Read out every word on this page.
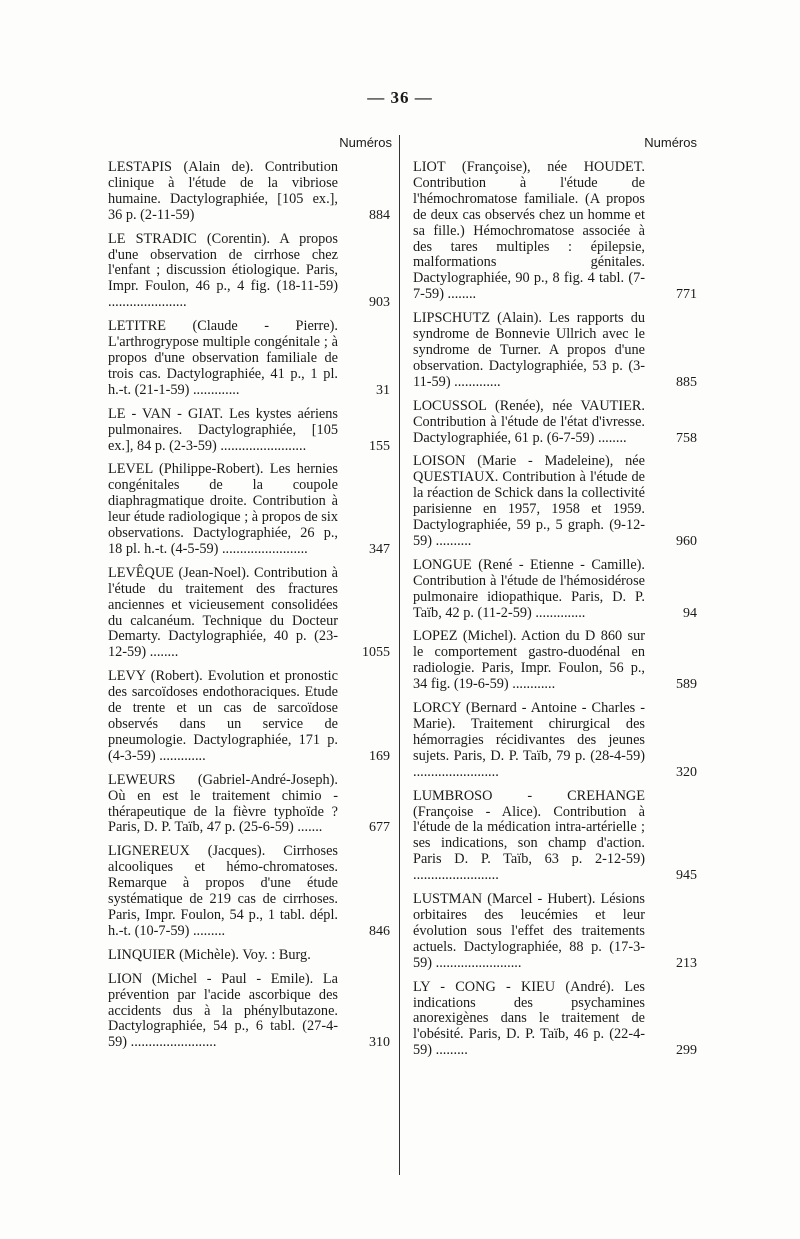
— 36 —
Numéros
LESTAPIS (Alain de). Contribution clinique à l'étude de la vibriose humaine. Dactylographiée, [105 ex.], 36 p. (2-11-59)	884
LE STRADIC (Corentin). A propos d'une observation de cirrhose chez l'enfant ; discussion étiologique. Paris, Impr. Foulon, 46 p., 4 fig. (18-11-59) ......................	903
LETITRE (Claude - Pierre). L'arthrogrypose multiple congénitale ; à propos d'une observation familiale de trois cas. Dactylographiée, 41 p., 1 pl. h.-t. (21-1-59) .............	31
LE - VAN - GIAT. Les kystes aériens pulmonaires. Dactylographiée, [105 ex.], 84 p. (2-3-59) ........................	155
LEVEL (Philippe-Robert). Les hernies congénitales de la coupole diaphragmatique droite. Contribution à leur étude radiologique ; à propos de six observations. Dactylographiée, 26 p., 18 pl. h.-t. (4-5-59) ........................	347
LEVÊQUE (Jean-Noel). Contribution à l'étude du traitement des fractures anciennes et vicieusement consolidées du calcanéum. Technique du Docteur Demarty. Dactylographiée, 40 p. (23-12-59) ........	1055
LEVY (Robert). Evolution et pronostic des sarcoïdoses endothoraciques. Etude de trente et un cas de sarcoïdose observés dans un service de pneumologie. Dactylographiée, 171 p. (4-3-59) .............	169
LEWEURS (Gabriel-André-Joseph). Où en est le traitement chimio - thérapeutique de la fièvre typhoïde ? Paris, D. P. Taïb, 47 p. (25-6-59) .......	677
LIGNEREUX (Jacques). Cirrhoses alcooliques et hémo-chromatoses. Remarque à propos d'une étude systématique de 219 cas de cirrhoses. Paris, Impr. Foulon, 54 p., 1 tabl. dépl. h.-t. (10-7-59) .........	846
LINQUIER (Michèle). Voy. : Burg.
LION (Michel - Paul - Emile). La prévention par l'acide ascorbique des accidents dus à la phénylbutazone. Dactylographiée, 54 p., 6 tabl. (27-4-59) ........................	310
Numéros
LIOT (Françoise), née HOUDET. Contribution à l'étude de l'hémochromatose familiale. (A propos de deux cas observés chez un homme et sa fille.) Hémochromatose associée à des tares multiples : épilepsie, malformations génitales. Dactylographiée, 90 p., 8 fig. 4 tabl. (7-7-59) ........	771
LIPSCHUTZ (Alain). Les rapports du syndrome de Bonnevie Ullrich avec le syndrome de Turner. A propos d'une observation. Dactylographiée, 53 p. (3-11-59) .............	885
LOCUSSOL (Renée), née VAUTIER. Contribution à l'étude de l'état d'ivresse. Dactylographiée, 61 p. (6-7-59) ........	758
LOISON (Marie - Madeleine), née QUESTIAUX. Contribution à l'étude de la réaction de Schick dans la collectivité parisienne en 1957, 1958 et 1959. Dactylographiée, 59 p., 5 graph. (9-12-59) ..........	960
LONGUE (René - Etienne - Camille). Contribution à l'étude de l'hémosidérose pulmonaire idiopathique. Paris, D. P. Taïb, 42 p. (11-2-59) ..............	94
LOPEZ (Michel). Action du D 860 sur le comportement gastro-duodénal en radiologie. Paris, Impr. Foulon, 56 p., 34 fig. (19-6-59) ............	589
LORCY (Bernard - Antoine - Charles - Marie). Traitement chirurgical des hémorragies récidivantes des jeunes sujets. Paris, D. P. Taïb, 79 p. (28-4-59) ........................	320
LUMBROSO - CREHANGE (Françoise - Alice). Contribution à l'étude de la médication intra-artérielle ; ses indications, son champ d'action. Paris D. P. Taïb, 63 p. 2-12-59) ........................	945
LUSTMAN (Marcel - Hubert). Lésions orbitaires des leucémies et leur évolution sous l'effet des traitements actuels. Dactylographiée, 88 p. (17-3-59) ........................	213
LY - CONG - KIEU (André). Les indications des psychamines anorexigènes dans le traitement de l'obésité. Paris, D. P. Taïb, 46 p. (22-4-59) .........	299
